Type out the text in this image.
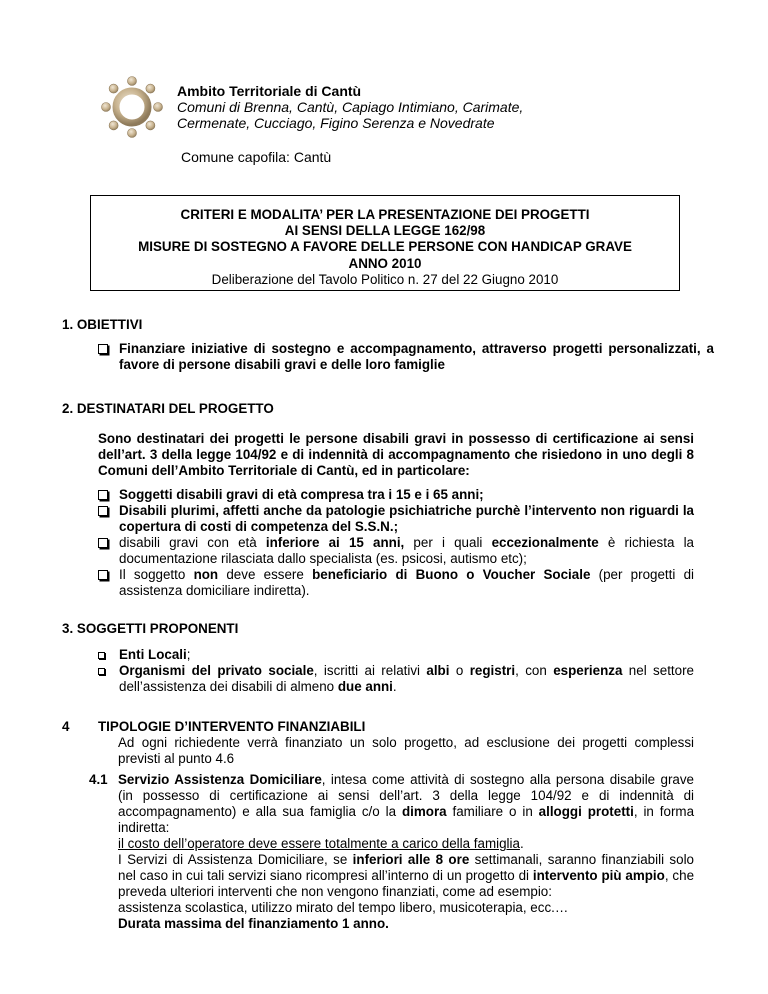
Ambito Territoriale di Cantù
Comuni di Brenna, Cantù, Capiago Intimiano, Carimate,
Cermenate, Cucciago, Figino Serenza e Novedrate
Comune capofila: Cantù
CRITERI E MODALITA’ PER LA PRESENTAZIONE DEI PROGETTI
AI SENSI DELLA LEGGE 162/98
MISURE DI SOSTEGNO A FAVORE DELLE PERSONE CON HANDICAP GRAVE
ANNO 2010
Deliberazione del Tavolo Politico n. 27 del 22 Giugno 2010
1. OBIETTIVI
Finanziare iniziative di sostegno e accompagnamento, attraverso progetti personalizzati, a favore di persone disabili gravi e delle loro famiglie
2. DESTINATARI DEL PROGETTO
Sono destinatari dei progetti le persone disabili gravi in possesso di certificazione ai sensi dell’art. 3 della legge 104/92 e di indennità di accompagnamento che risiedono in uno degli 8 Comuni dell’Ambito Territoriale di Cantù, ed in particolare:
Soggetti disabili gravi di età compresa tra i 15 e i 65 anni;
Disabili plurimi, affetti anche da patologie psichiatriche purchè l’intervento non riguardi la copertura di costi di competenza del S.S.N.;
disabili gravi con età inferiore ai 15 anni, per i quali eccezionalmente è richiesta la documentazione rilasciata dallo specialista (es. psicosi, autismo etc);
Il soggetto non deve essere beneficiario di Buono o Voucher Sociale (per progetti di assistenza domiciliare indiretta).
3. SOGGETTI PROPONENTI
Enti Locali;
Organismi del privato sociale, iscritti ai relativi albi o registri, con esperienza nel settore dell’assistenza dei disabili di almeno due anni.
4 TIPOLOGIE D’INTERVENTO FINANZIABILI
Ad ogni richiedente verrà finanziato un solo progetto, ad esclusione dei progetti complessi previsti al punto 4.6
4.1 Servizio Assistenza Domiciliare, intesa come attività di sostegno alla persona disabile grave (in possesso di certificazione ai sensi dell’art. 3 della legge 104/92 e di indennità di accompagnamento) e alla sua famiglia c/o la dimora familiare o in alloggi protetti, in forma indiretta:
il costo dell’operatore deve essere totalmente a carico della famiglia.
I Servizi di Assistenza Domiciliare, se inferiori alle 8 ore settimanali, saranno finanziabili solo nel caso in cui tali servizi siano ricompresi all’interno di un progetto di intervento più ampio, che preveda ulteriori interventi che non vengono finanziati, come ad esempio:
assistenza scolastica, utilizzo mirato del tempo libero, musicoterapia, ecc.…
Durata massima del finanziamento 1 anno.
